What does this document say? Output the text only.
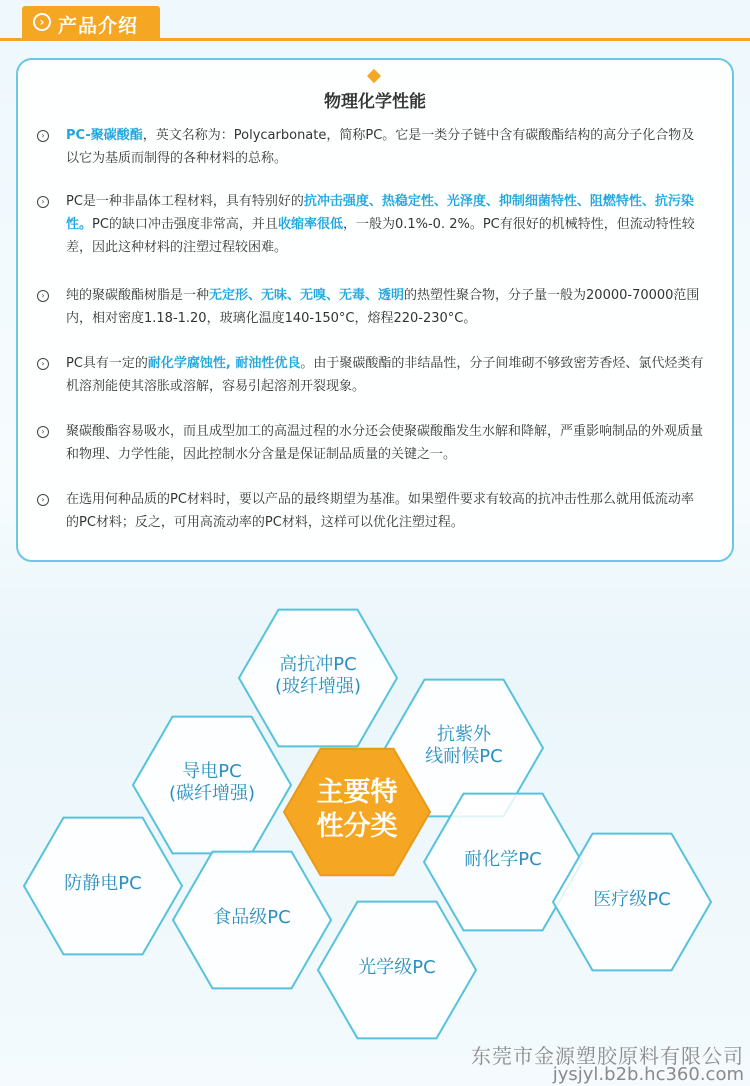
› 产品介绍
物理化学性能
›	PC-聚碳酸酯，英文名称为：Polycarbonate，简称PC。它是一类分子链中含有碳酸酯结构的高分子化合物及以它为基质而制得的各种材料的总称。
›	PC是一种非晶体工程材料，具有特别好的抗冲击强度、热稳定性、光泽度、抑制细菌特性、阻燃特性、抗污染性。PC的缺口冲击强度非常高，并且收缩率很低，一般为0.1%-0. 2%。PC有很好的机械特性，但流动特性较差，因此这种材料的注塑过程较困难。
›	纯的聚碳酸酯树脂是一种无定形、无味、无嗅、无毒、透明的热塑性聚合物，分子量一般为20000-70000范围内，相对密度1.18-1.20，玻璃化温度140-150°C，熔程220-230°C。
›	PC具有一定的耐化学腐蚀性, 耐油性优良。由于聚碳酸酯的非结晶性，分子间堆砌不够致密芳香烃、氯代烃类有机溶剂能使其溶胀或溶解，容易引起溶剂开裂现象。
›	聚碳酸酯容易吸水，而且成型加工的高温过程的水分还会使聚碳酸酯发生水解和降解，严重影响制品的外观质量和物理、力学性能，因此控制水分含量是保证制品质量的关键之一。
›	在选用何种品质的PC材料时，要以产品的最终期望为基准。如果塑件要求有较高的抗冲击性那么就用低流动率的PC材料；反之，可用高流动率的PC材料，这样可以优化注塑过程。
高抗冲PC
(玻纤增强)
抗紫外
线耐候PC
导电PC
(碳纤增强)
耐化学PC
防静电PC
食品级PC
医疗级PC
光学级PC
主要特
性分类
东莞市金源塑胶原料有限公司
jysjyl.b2b.hc360.com
